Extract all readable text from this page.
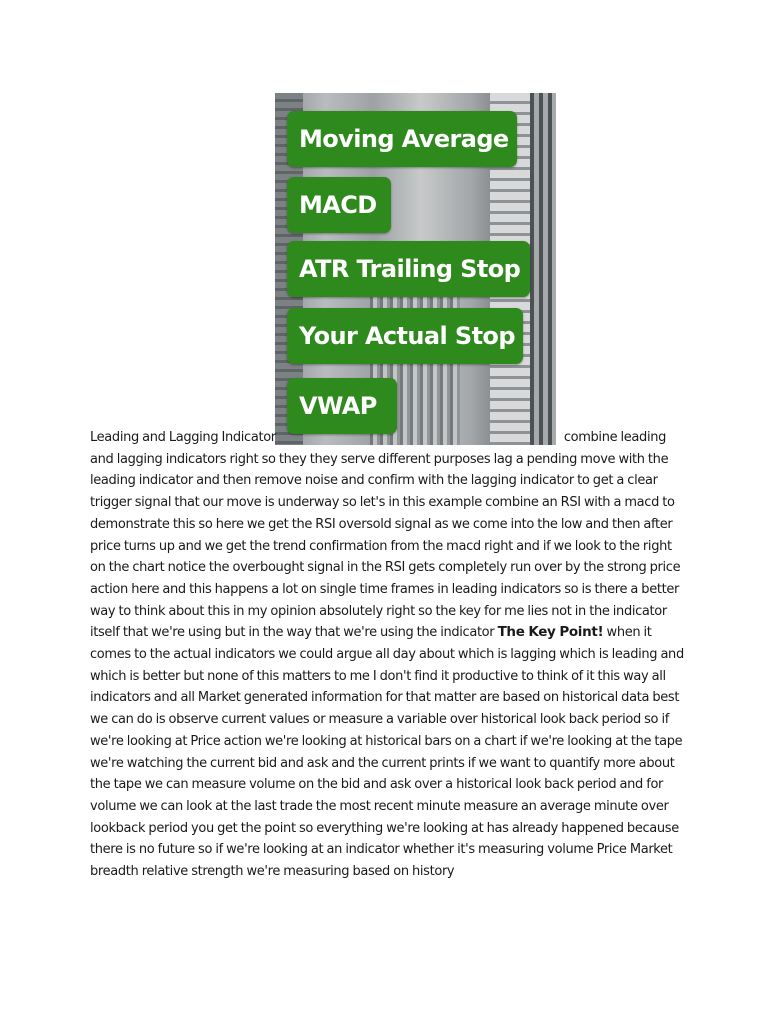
Moving Average
MACD
ATR Trailing Stop
Your Actual Stop
VWAP
Leading and Lagging Indicator	combine leading and lagging indicators right so they they serve different purposes lag a pending move with the leading indicator and then remove noise and confirm with the lagging indicator to get a clear trigger signal that our move is underway so let's in this example combine an RSI with a macd to demonstrate this so here we get the RSI oversold signal as we come into the low and then after price turns up and we get the trend confirmation from the macd right and if we look to the right on the chart notice the overbought signal in the RSI gets completely run over by the strong price action here and this happens a lot on single time frames in leading indicators so is there a better way to think about this in my opinion absolutely right so the key for me lies not in the indicator itself that we're using but in the way that we're using the indicator The Key Point! when it comes to the actual indicators we could argue all day about which is lagging which is leading and which is better but none of this matters to me I don't find it productive to think of it this way all indicators and all Market generated information for that matter are based on historical data best we can do is observe current values or measure a variable over historical look back period so if we're looking at Price action we're looking at historical bars on a chart if we're looking at the tape we're watching the current bid and ask and the current prints if we want to quantify more about the tape we can measure volume on the bid and ask over a historical look back period and for volume we can look at the last trade the most recent minute measure an average minute over lookback period you get the point so everything we're looking at has already happened because there is no future so if we're looking at an indicator whether it's measuring volume Price Market breadth relative strength we're measuring based on history
